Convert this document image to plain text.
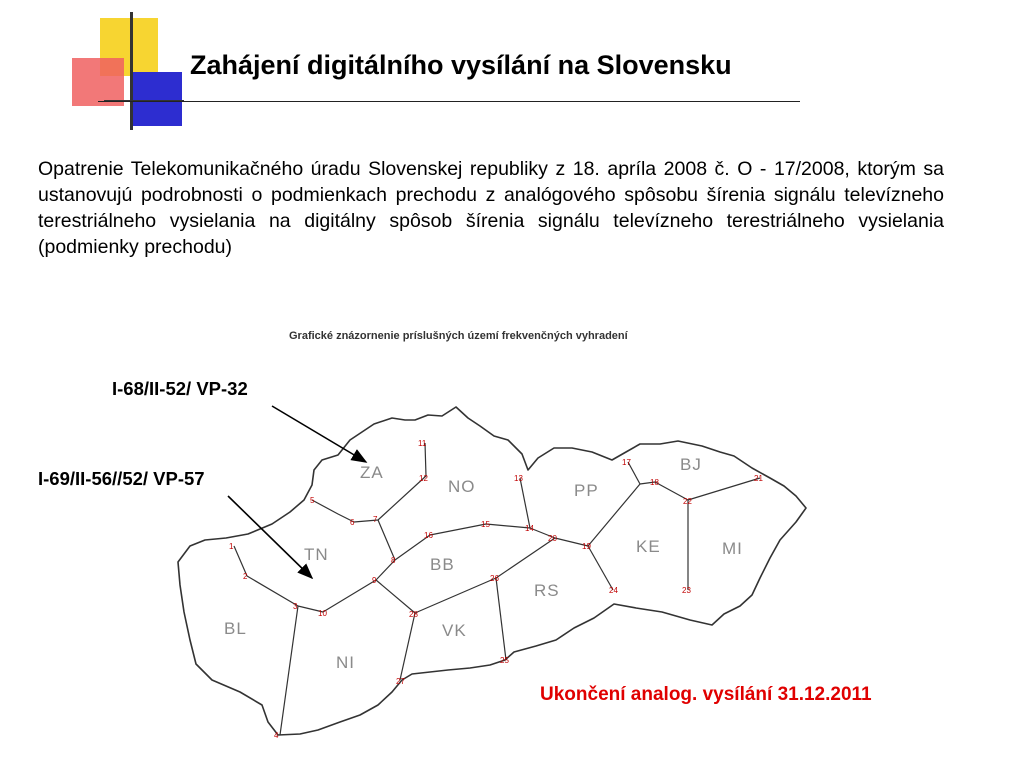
Zahájení digitálního vysílání na Slovensku
Opatrenie Telekomunikačného úradu Slovenskej republiky z 18. apríla 2008 č. O - 17/2008, ktorým sa ustanovujú podrobnosti o podmienkach prechodu z analógového spôsobu šírenia signálu televízneho terestriálneho vysielania na digitálny spôsob šírenia signálu televízneho terestriálneho vysielania (podmienky prechodu)
Grafické znázornenie príslušných území frekvenčných vyhradení
ZA
NO	PP
BJ
TN
BB
KE	MI
RS
BL	VK
NI
1
2
3
4
5
6 7
8
9
10
11
12	13
14
15
16
17
18
19
20
21
22
23
24
25
26
27
28
I-68/II-52/ VP-32
I-69/II-56//52/ VP-57
Ukončení analog. vysílání 31.12.2011
